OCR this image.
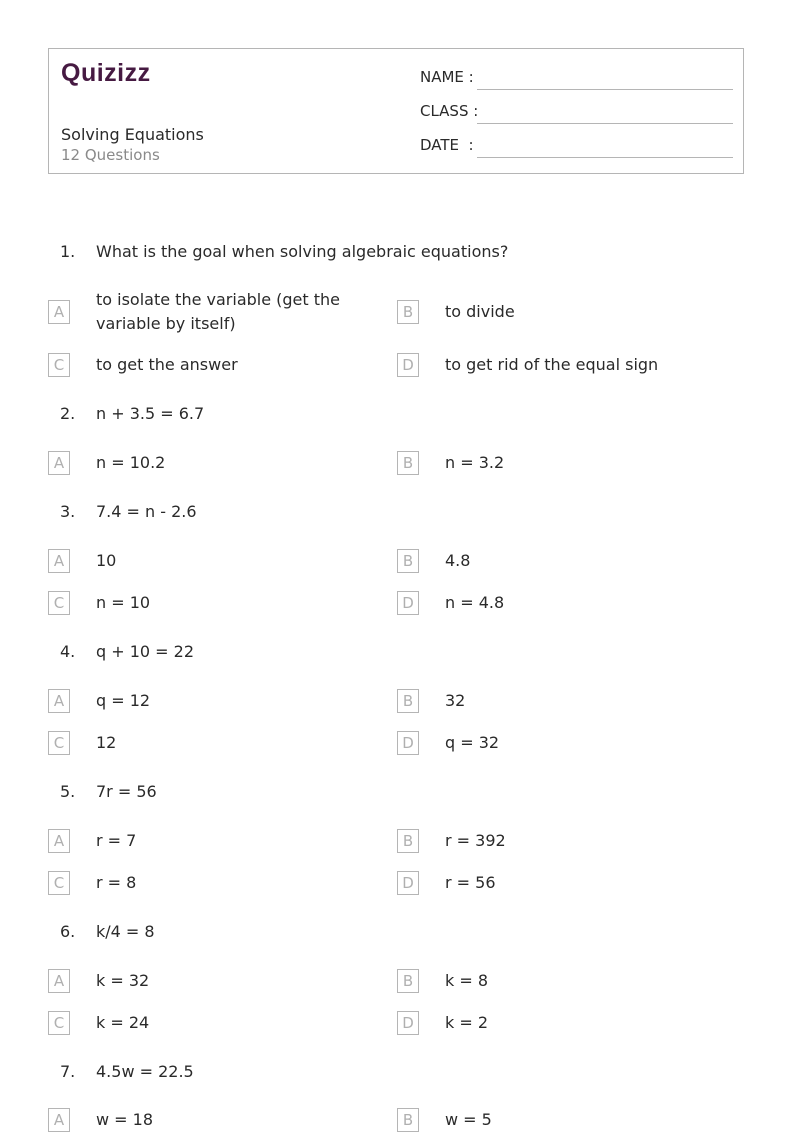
Quizizz
Solving Equations
12 Questions
NAME :
CLASS :
DATE  :
1. What is the goal when solving algebraic equations?
A
to isolate the variable (get the variable by itself)
B	to divide
C	to get the answer	D	to get rid of the equal sign
2. n + 3.5 = 6.7
A	n = 10.2	B	n = 3.2
3. 7.4 = n - 2.6
A	10	B	4.8
C	n = 10	D	n = 4.8
4. q + 10 = 22
A	q = 12	B	32
C	12	D	q = 32
5. 7r = 56
A	r = 7	B	r = 392
C	r = 8	D	r = 56
6. k/4 = 8
A	k = 32	B	k = 8
C	k = 24	D	k = 2
7. 4.5w = 22.5
A	w = 18	B	w = 5
